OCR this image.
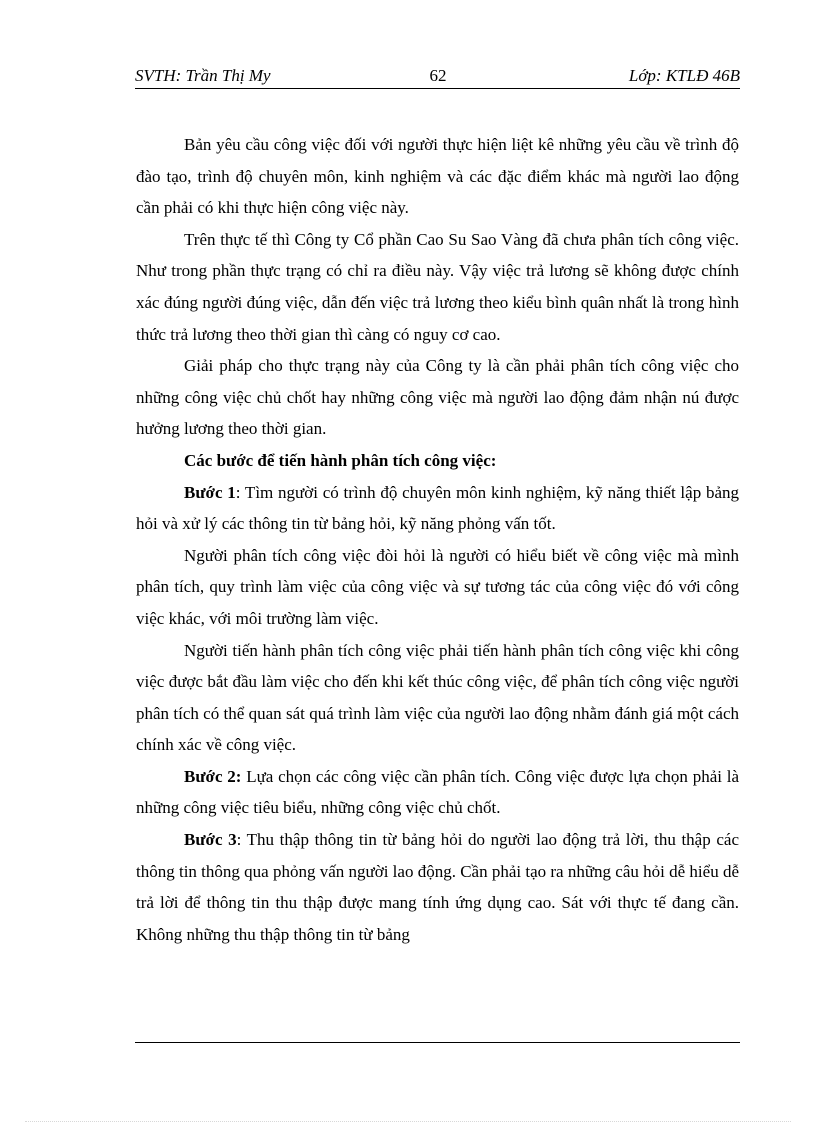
SVTH: Trần Thị My	62	Lớp: KTLĐ 46B

Bản yêu cầu công việc đối với người thực hiện liệt kê những yêu cầu về trình độ đào tạo, trình độ chuyên môn, kinh nghiệm và các đặc điểm khác mà người lao động cần phải có khi thực hiện công việc này.

Trên thực tế thì Công ty Cổ phần Cao Su Sao Vàng đã chưa phân tích công việc. Như trong phần thực trạng có chỉ ra điều này. Vậy việc trả lương sẽ không được chính xác đúng người đúng việc, dẫn đến việc trả lương theo kiểu bình quân nhất là trong hình thức trả lương theo thời gian thì càng có nguy cơ cao.

Giải pháp cho thực trạng này của Công ty là cần phải phân tích công việc cho những công việc chủ chốt hay những công việc mà người lao động đảm nhận nú được hưởng lương theo thời gian.

Các bước để tiến hành phân tích công việc:

Bước 1: Tìm người có trình độ chuyên môn kinh nghiệm, kỹ năng thiết lập bảng hỏi và xử lý các thông tin từ bảng hỏi, kỹ năng phỏng vấn tốt.

Người phân tích công việc đòi hỏi là người có hiểu biết về công việc mà mình phân tích, quy trình làm việc của công việc và sự tương tác của công việc đó với công việc khác, với môi trường làm việc.

Người tiến hành phân tích công việc phải tiến hành phân tích công việc khi công việc được bắt đầu làm việc cho đến khi kết thúc công việc, để phân tích công việc người phân tích có thể quan sát quá trình làm việc của người lao động nhằm đánh giá một cách chính xác về công việc.

Bước 2: Lựa chọn các công việc cần phân tích. Công việc được lựa chọn phải là những công việc tiêu biểu, những công việc chủ chốt.

Bước 3: Thu thập thông tin từ bảng hỏi do người lao động trả lời, thu thập các thông tin thông qua phỏng vấn người lao động. Cần phải tạo ra những câu hỏi dễ hiểu dễ trả lời để thông tin thu thập được mang tính ứng dụng cao. Sát với thực tế đang cần. Không những thu thập thông tin từ bảng
